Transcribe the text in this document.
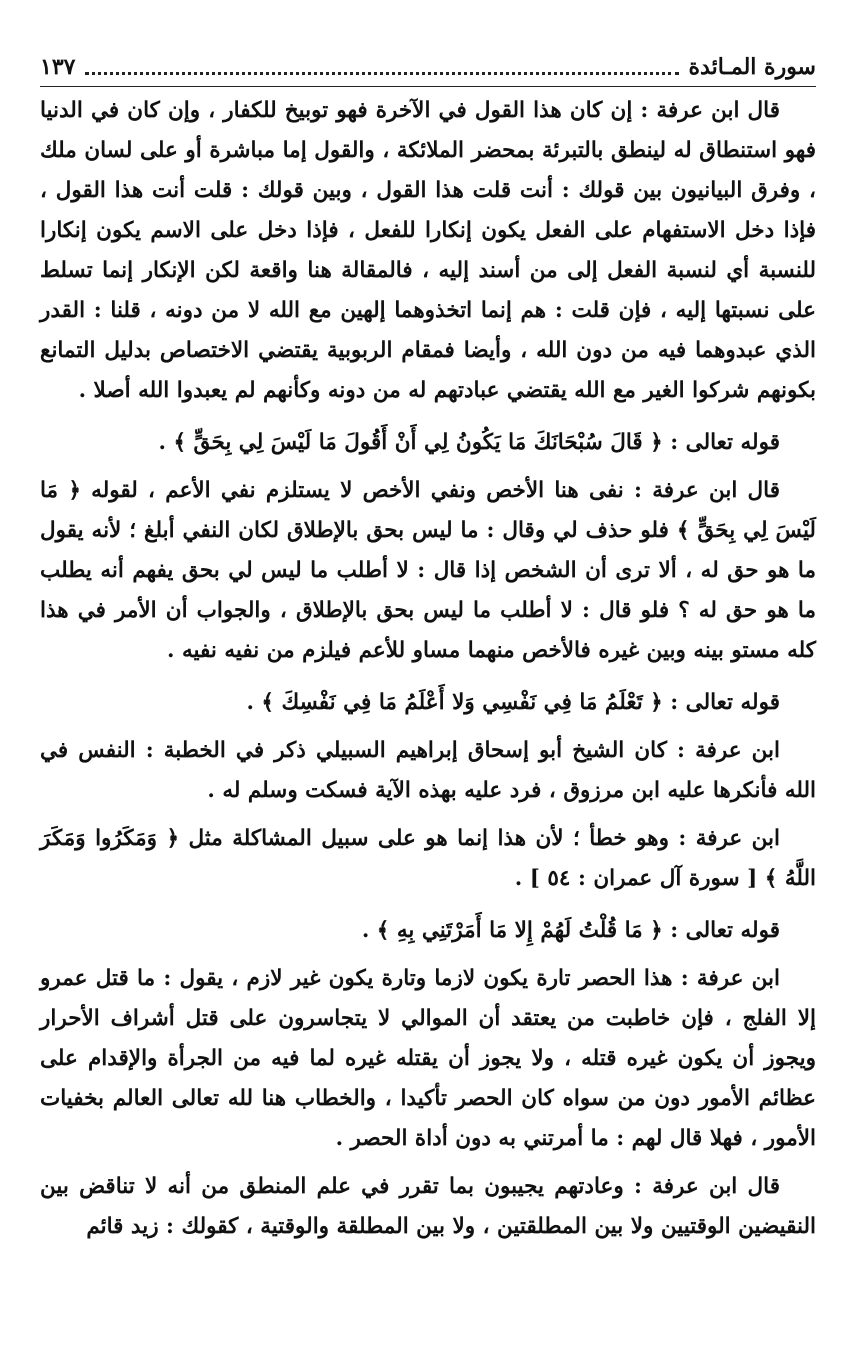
سورة المـائدة
١٣٧

قال ابن عرفة : إن كان هذا القول في الآخرة فهو توبيخ للكفار ، وإن كان في الدنيا فهو استنطاق له لينطق بالتبرئة بمحضر الملائكة ، والقول إما مباشرة أو على لسان ملك ، وفرق البيانيون بين قولك : أنت قلت هذا القول ، وبين قولك : قلت أنت هذا القول ، فإذا دخل الاستفهام على الفعل يكون إنكارا للفعل ، فإذا دخل على الاسم يكون إنكارا للنسبة أي لنسبة الفعل إلى من أسند إليه ، فالمقالة هنا واقعة لكن الإنكار إنما تسلط على نسبتها إليه ، فإن قلت : هم إنما اتخذوهما إلهين مع الله لا من دونه ، قلنا : القدر الذي عبدوهما فيه من دون الله ، وأيضا فمقام الربوبية يقتضي الاختصاص بدليل التمانع بكونهم شركوا الغير مع الله يقتضي عبادتهم له من دونه وكأنهم لم يعبدوا الله أصلا .

قوله تعالى : ﴿ قَالَ سُبْحَانَكَ مَا يَكُونُ لِي أَنْ أَقُولَ مَا لَيْسَ لِي بِحَقٍّ ﴾ .

قال ابن عرفة : نفى هنا الأخص ونفي الأخص لا يستلزم نفي الأعم ، لقوله ﴿ مَا لَيْسَ لِي بِحَقٍّ ﴾ فلو حذف لي وقال : ما ليس بحق بالإطلاق لكان النفي أبلغ ؛ لأنه يقول ما هو حق له ، ألا ترى أن الشخص إذا قال : لا أطلب ما ليس لي بحق يفهم أنه يطلب ما هو حق له ؟ فلو قال : لا أطلب ما ليس بحق بالإطلاق ، والجواب أن الأمر في هذا كله مستو بينه وبين غيره فالأخص منهما مساو للأعم فيلزم من نفيه نفيه .

قوله تعالى : ﴿ تَعْلَمُ مَا فِي نَفْسِي وَلا أَعْلَمُ مَا فِي نَفْسِكَ ﴾ .

ابن عرفة : كان الشيخ أبو إسحاق إبراهيم السبيلي ذكر في الخطبة : النفس في الله فأنكرها عليه ابن مرزوق ، فرد عليه بهذه الآية فسكت وسلم له .

ابن عرفة : وهو خطأ ؛ لأن هذا إنما هو على سبيل المشاكلة مثل ﴿ وَمَكَرُوا وَمَكَرَ اللَّهُ ﴾ [ سورة آل عمران : ٥٤ ] .

قوله تعالى : ﴿ مَا قُلْتُ لَهُمْ إِلا مَا أَمَرْتَنِي بِهِ ﴾ .

ابن عرفة : هذا الحصر تارة يكون لازما وتارة يكون غير لازم ، يقول : ما قتل عمرو إلا الفلج ، فإن خاطبت من يعتقد أن الموالي لا يتجاسرون على قتل أشراف الأحرار ويجوز أن يكون غيره قتله ، ولا يجوز أن يقتله غيره لما فيه من الجرأة والإقدام على عظائم الأمور دون من سواه كان الحصر تأكيدا ، والخطاب هنا لله تعالى العالم بخفيات الأمور ، فهلا قال لهم : ما أمرتني به دون أداة الحصر .

قال ابن عرفة : وعادتهم يجيبون بما تقرر في علم المنطق من أنه لا تناقض بين النقيضين الوقتيين ولا بين المطلقتين ، ولا بين المطلقة والوقتية ، كقولك : زيد قائم
